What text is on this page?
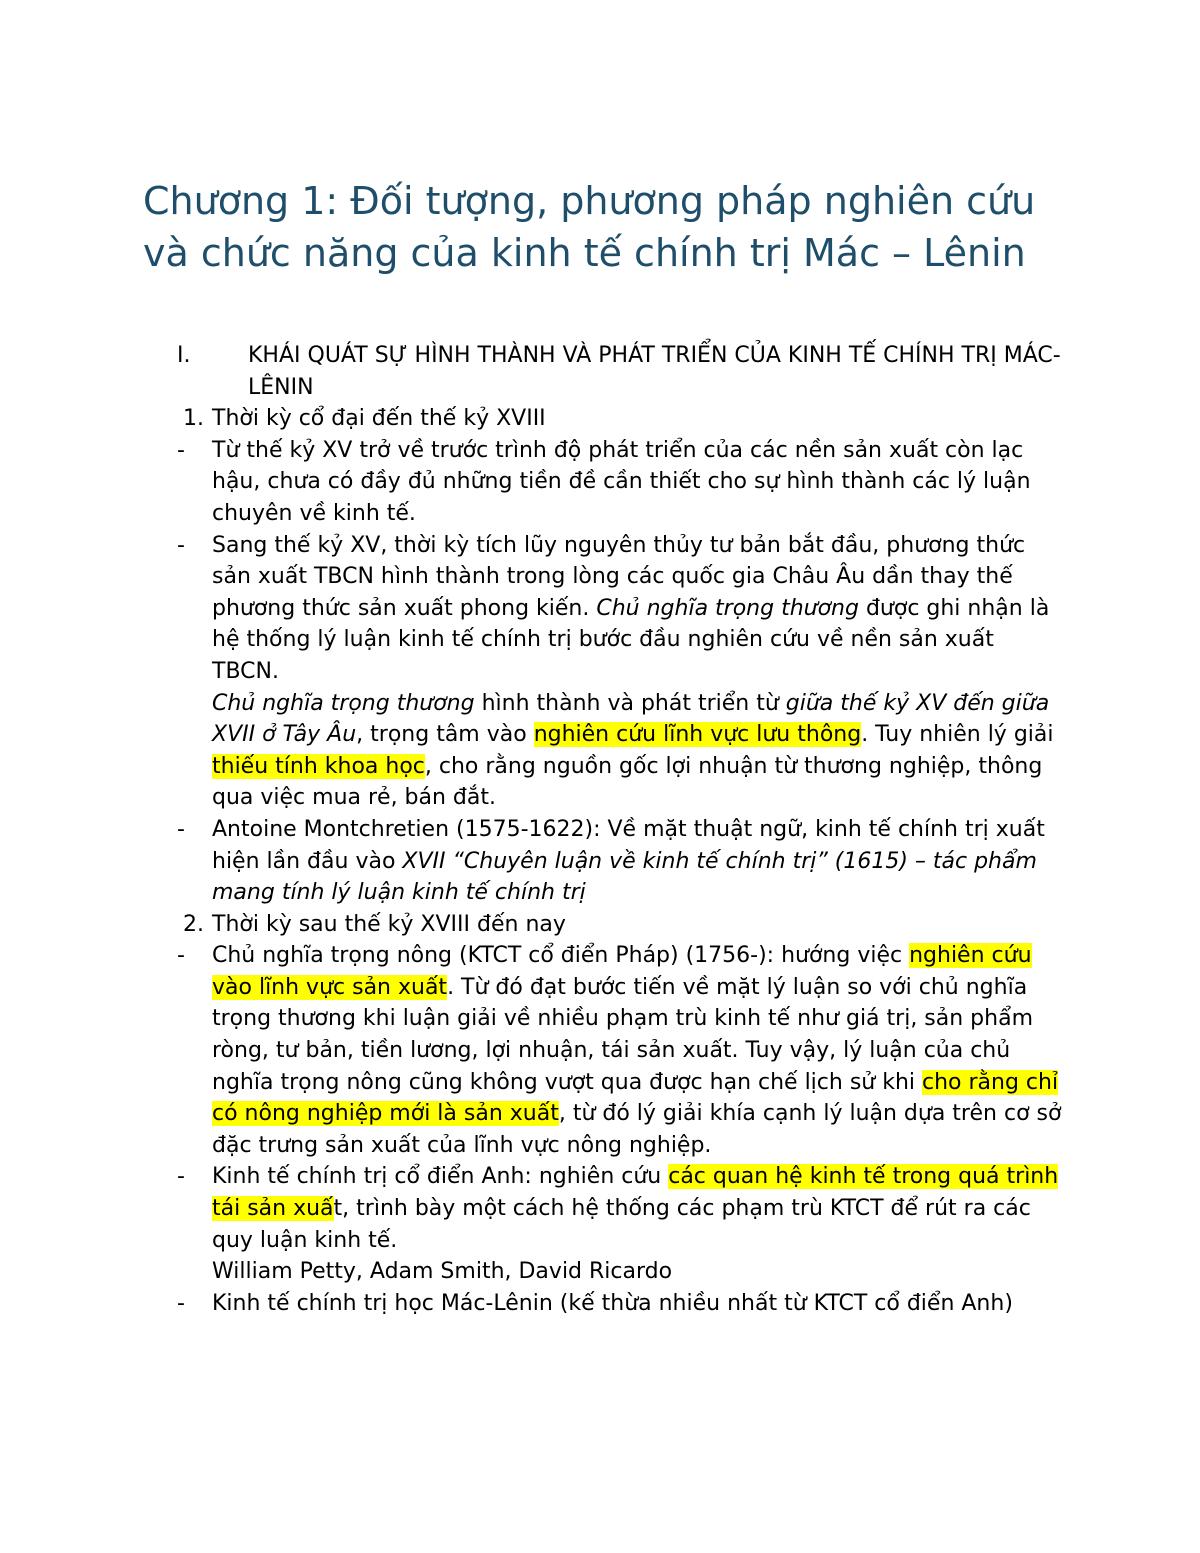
Chương 1: Đối tượng, phương pháp nghiên cứu và chức năng của kinh tế chính trị Mác – Lênin
I.	KHÁI QUÁT SỰ HÌNH THÀNH VÀ PHÁT TRIỂN CỦA KINH TẾ CHÍNH TRỊ MÁC-LÊNIN
1. Thời kỳ cổ đại đến thế kỷ XVIII
- Từ thế kỷ XV trở về trước trình độ phát triển của các nền sản xuất còn lạc hậu, chưa có đầy đủ những tiền đề cần thiết cho sự hình thành các lý luận chuyên về kinh tế.
- Sang thế kỷ XV, thời kỳ tích lũy nguyên thủy tư bản bắt đầu, phương thức sản xuất TBCN hình thành trong lòng các quốc gia Châu Âu dần thay thế phương thức sản xuất phong kiến. Chủ nghĩa trọng thương được ghi nhận là hệ thống lý luận kinh tế chính trị bước đầu nghiên cứu về nền sản xuất TBCN.
Chủ nghĩa trọng thương hình thành và phát triển từ giữa thế kỷ XV đến giữa XVII ở Tây Âu, trọng tâm vào nghiên cứu lĩnh vực lưu thông. Tuy nhiên lý giải thiếu tính khoa học, cho rằng nguồn gốc lợi nhuận từ thương nghiệp, thông qua việc mua rẻ, bán đắt.
- Antoine Montchretien (1575-1622): Về mặt thuật ngữ, kinh tế chính trị xuất hiện lần đầu vào XVII “Chuyên luận về kinh tế chính trị” (1615) – tác phẩm mang tính lý luận kinh tế chính trị
2. Thời kỳ sau thế kỷ XVIII đến nay
- Chủ nghĩa trọng nông (KTCT cổ điển Pháp) (1756-): hướng việc nghiên cứu vào lĩnh vực sản xuất. Từ đó đạt bước tiến về mặt lý luận so với chủ nghĩa trọng thương khi luận giải về nhiều phạm trù kinh tế như giá trị, sản phẩm ròng, tư bản, tiền lương, lợi nhuận, tái sản xuất. Tuy vậy, lý luận của chủ nghĩa trọng nông cũng không vượt qua được hạn chế lịch sử khi cho rằng chỉ có nông nghiệp mới là sản xuất, từ đó lý giải khía cạnh lý luận dựa trên cơ sở đặc trưng sản xuất của lĩnh vực nông nghiệp.
- Kinh tế chính trị cổ điển Anh: nghiên cứu các quan hệ kinh tế trong quá trình tái sản xuất, trình bày một cách hệ thống các phạm trù KTCT để rút ra các quy luận kinh tế.
William Petty, Adam Smith, David Ricardo
- Kinh tế chính trị học Mác-Lênin (kế thừa nhiều nhất từ KTCT cổ điển Anh)
